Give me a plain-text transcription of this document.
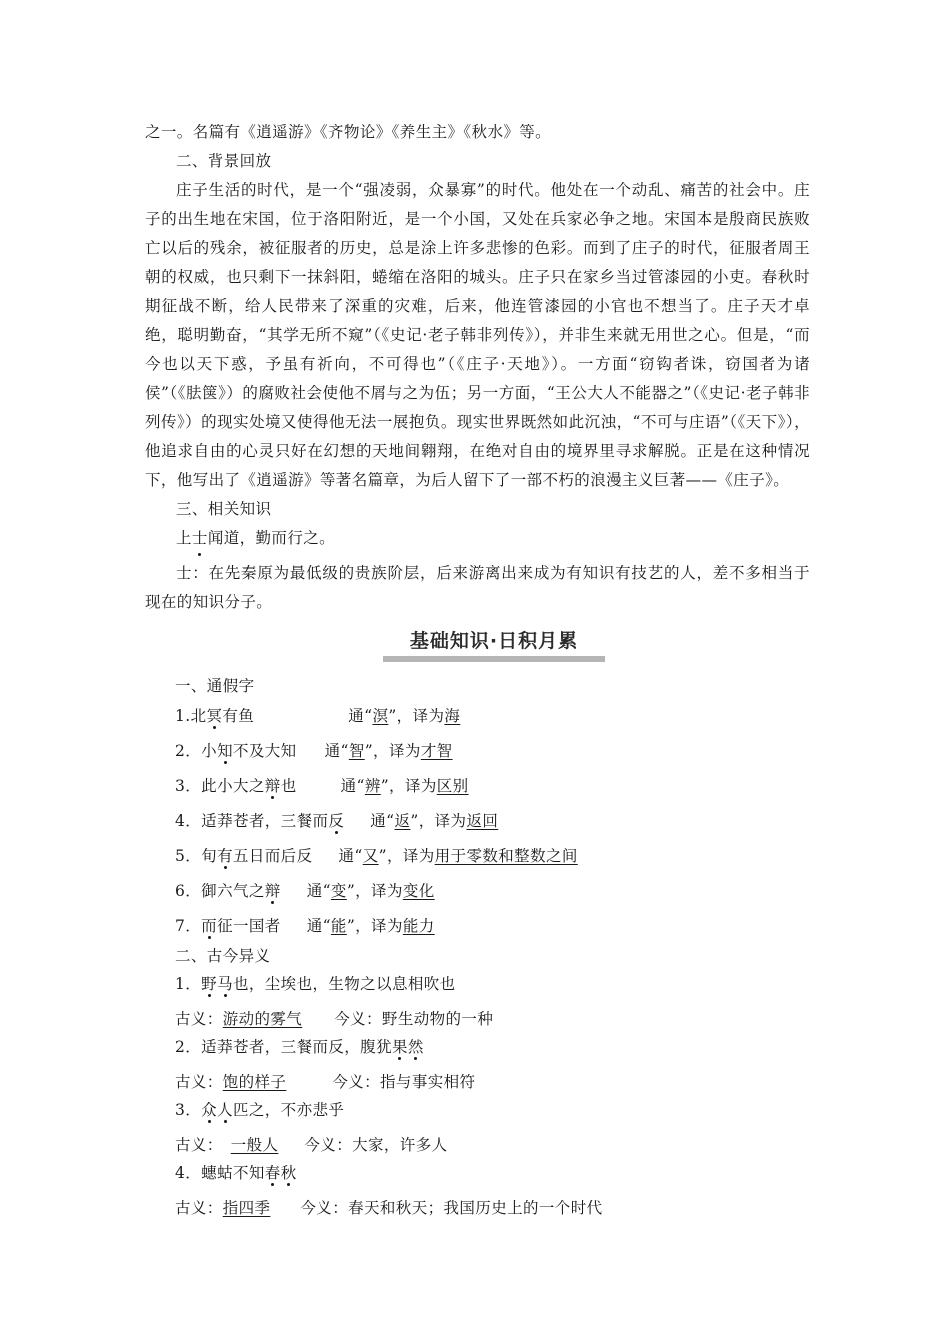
之一。名篇有《逍遥游》《齐物论》《养生主》《秋水》等。

二、背景回放

庄子生活的时代，是一个“强凌弱，众暴寡”的时代。他处在一个动乱、痛苦的社会中。庄子的出生地在宋国，位于洛阳附近，是一个小国，又处在兵家必争之地。宋国本是殷商民族败亡以后的残余，被征服者的历史，总是涂上许多悲惨的色彩。而到了庄子的时代，征服者周王朝的权威，也只剩下一抹斜阳，蜷缩在洛阳的城头。庄子只在家乡当过管漆园的小吏。春秋时期征战不断，给人民带来了深重的灾难，后来，他连管漆园的小官也不想当了。庄子天才卓绝，聪明勤奋，“其学无所不窥”（《史记·老子韩非列传》），并非生来就无用世之心。但是，“而今也以天下惑，予虽有祈向，不可得也”（《庄子·天地》）。一方面“窃钩者诛，窃国者为诸侯”（《胠箧》）的腐败社会使他不屑与之为伍；另一方面，“王公大人不能器之”（《史记·老子韩非列传》）的现实处境又使得他无法一展抱负。现实世界既然如此沉浊，“不可与庄语”（《天下》），他追求自由的心灵只好在幻想的天地间翱翔，在绝对自由的境界里寻求解脱。正是在这种情况下，他写出了《逍遥游》等著名篇章，为后人留下了一部不朽的浪漫主义巨著——《庄子》。

三、相关知识

上士闻道，勤而行之。

士：在先秦原为最低级的贵族阶层，后来游离出来成为有知识有技艺的人，差不多相当于现在的知识分子。

基础知识·日积月累
一、通假字
1.北冥有鱼	通“溟”，译为海
2．小知不及大知 通“智”，译为才智
3．此小大之辩也	通“辨”，译为区别
4．适莽苍者，三餐而反 通“返”，译为返回
5．旬有五日而后反 通“又”，译为用于零数和整数之间
6．御六气之辩 通“变”，译为变化
7．而征一国者 通“能”，译为能力
二、古今异义
1．野马也，尘埃也，生物之以息相吹也
古义：游动的雾气 今义：野生动物的一种
2．适莽苍者，三餐而反，腹犹果然
古义：饱的样子	今义：指与事实相符
3．众人匹之，不亦悲乎
古义： 一般人 今义：大家，许多人
4．蟪蛄不知春秋
古义：指四季 今义：春天和秋天；我国历史上的一个时代
